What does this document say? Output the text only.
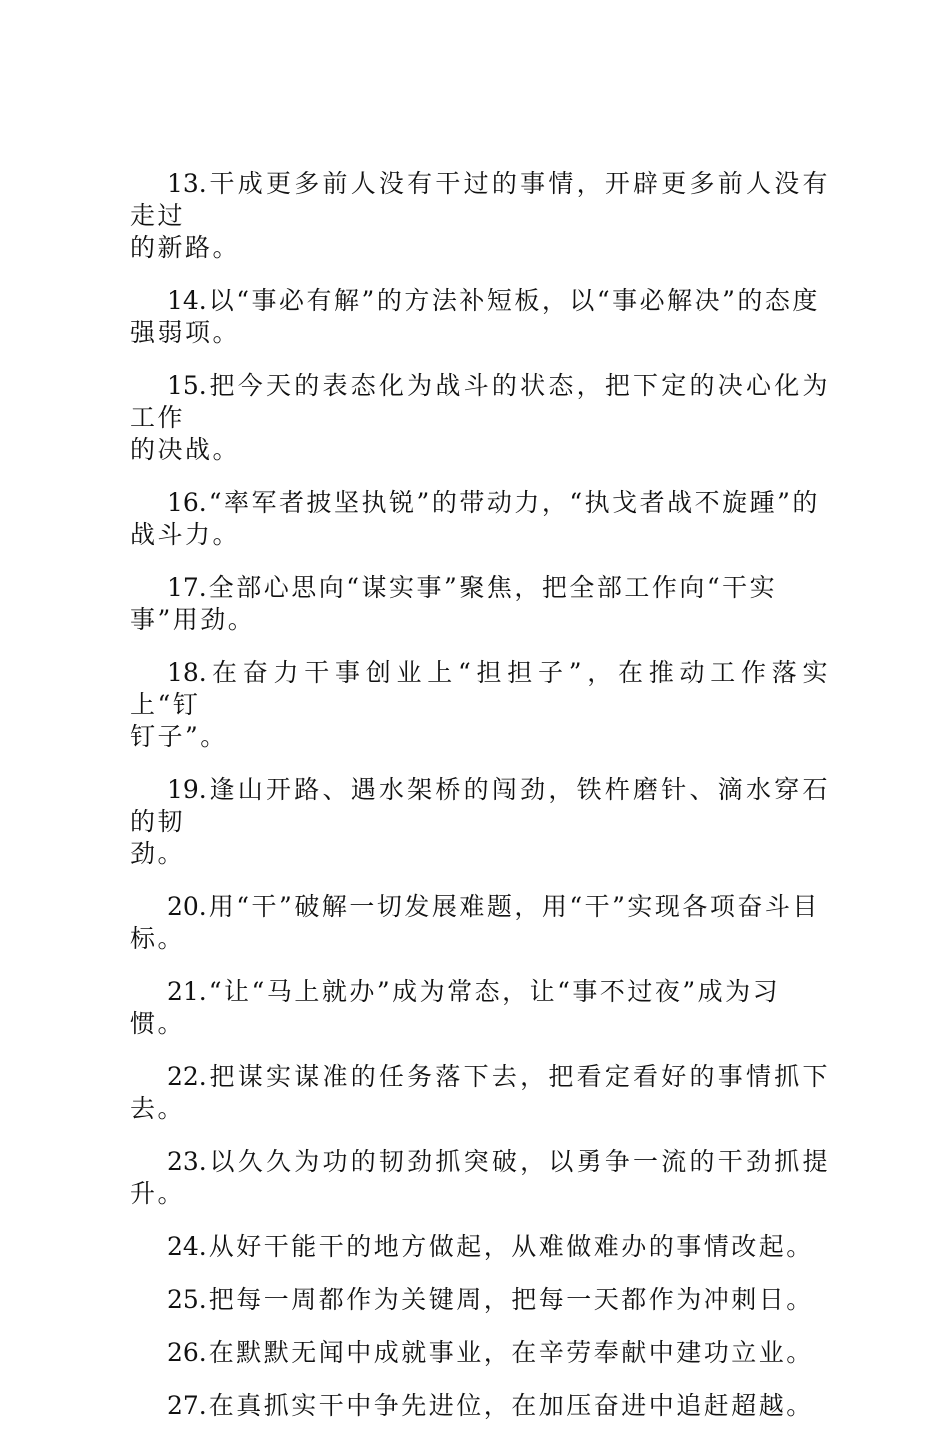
13.干成更多前人没有干过的事情，开辟更多前人没有走过
的新路。

14.以“事必有解”的方法补短板，以“事必解决”的态度
强弱项。

15.把今天的表态化为战斗的状态，把下定的决心化为工作
的决战。

16.“率军者披坚执锐”的带动力，“执戈者战不旋踵”的
战斗力。

17.全部心思向“谋实事”聚焦，把全部工作向“干实
事”用劲。

18.在奋力干事创业上“担担子”，在推动工作落实上“钉
钉子”。

19.逢山开路、遇水架桥的闯劲，铁杵磨针、滴水穿石的韧
劲。

20.用“干”破解一切发展难题，用“干”实现各项奋斗目
标。

21.“让“马上就办”成为常态，让“事不过夜”成为习
惯。

22.把谋实谋准的任务落下去，把看定看好的事情抓下去。

23.以久久为功的韧劲抓突破，以勇争一流的干劲抓提升。

24.从好干能干的地方做起，从难做难办的事情改起。

25.把每一周都作为关键周，把每一天都作为冲刺日。

26.在默默无闻中成就事业，在辛劳奉献中建功立业。

27.在真抓实干中争先进位，在加压奋进中追赶超越。
